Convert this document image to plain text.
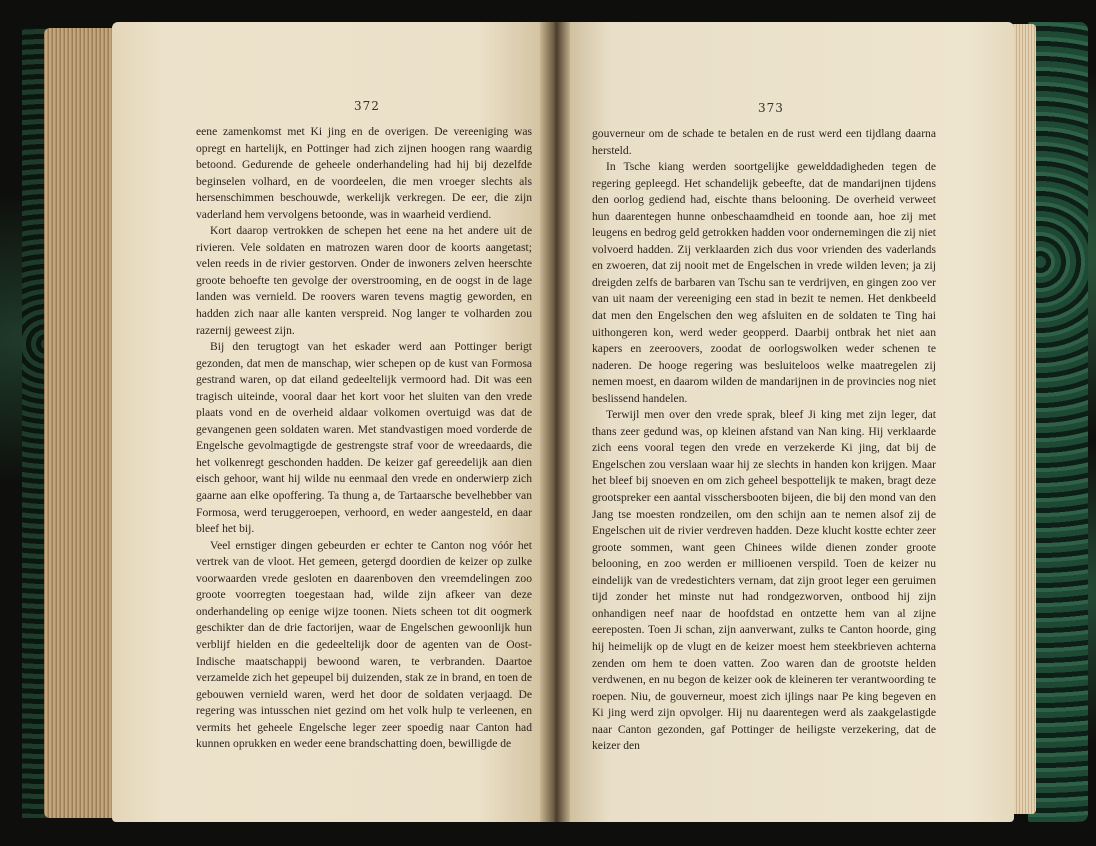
372	373

eene zamenkomst met Ki jing en de overigen. De vereeniging was opregt en hartelijk, en Pottinger had zich zijnen hoogen rang waardig betoond. Gedurende de geheele onderhandeling had hij bij dezelfde beginselen volhard, en de voordeelen, die men vroeger slechts als hersenschimmen beschouwde, werkelijk verkregen. De eer, die zijn vaderland hem vervolgens betoonde, was in waarheid verdiend.

Kort daarop vertrokken de schepen het eene na het andere uit de rivieren. Vele soldaten en matrozen waren door de koorts aangetast; velen reeds in de rivier gestorven. Onder de inwoners zelven heerschte groote behoefte ten gevolge der overstrooming, en de oogst in de lage landen was vernield. De roovers waren tevens magtig geworden, en hadden zich naar alle kanten verspreid. Nog langer te volharden zou razernij geweest zijn.

Bij den terugtogt van het eskader werd aan Pottinger berigt gezonden, dat men de manschap, wier schepen op de kust van Formosa gestrand waren, op dat eiland gedeeltelijk vermoord had. Dit was een tragisch uiteinde, vooral daar het kort voor het sluiten van den vrede plaats vond en de overheid aldaar volkomen overtuigd was dat de gevangenen geen soldaten waren. Met standvastigen moed vorderde de Engelsche gevolmagtigde de gestrengste straf voor de wreedaards, die het volkenregt geschonden hadden. De keizer gaf gereedelijk aan dien eisch gehoor, want hij wilde nu eenmaal den vrede en onderwierp zich gaarne aan elke opoffering. Ta thung a, de Tartaarsche bevelhebber van Formosa, werd teruggeroepen, verhoord, en weder aangesteld, en daar bleef het bij.

Veel ernstiger dingen gebeurden er echter te Canton nog vóór het vertrek van de vloot. Het gemeen, getergd doordien de keizer op zulke voorwaarden vrede gesloten en daarenboven den vreemdelingen zoo groote voorregten toegestaan had, wilde zijn afkeer van deze onderhandeling op eenige wijze toonen. Niets scheen tot dit oogmerk geschikter dan de drie factorijen, waar de Engelschen gewoonlijk hun verblijf hielden en die gedeeltelijk door de agenten van de Oost-Indische maatschappij bewoond waren, te verbranden. Daartoe verzamelde zich het gepeupel bij duizenden, stak ze in brand, en toen de gebouwen vernield waren, werd het door de soldaten verjaagd. De regering was intusschen niet gezind om het volk hulp te verleenen, en vermits het geheele Engelsche leger zeer spoedig naar Canton had kunnen oprukken en weder eene brandschatting doen, bewilligde de

gouverneur om de schade te betalen en de rust werd een tijdlang daarna hersteld.

In Tsche kiang werden soortgelijke gewelddadigheden tegen de regering gepleegd. Het schandelijk gebeefte, dat de mandarijnen tijdens den oorlog gediend had, eischte thans belooning. De overheid verweet hun daarentegen hunne onbeschaamdheid en toonde aan, hoe zij met leugens en bedrog geld getrokken hadden voor ondernemingen die zij niet volvoerd hadden. Zij verklaarden zich dus voor vrienden des vaderlands en zwoeren, dat zij nooit met de Engelschen in vrede wilden leven; ja zij dreigden zelfs de barbaren van Tschu san te verdrijven, en gingen zoo ver van uit naam der vereeniging een stad in bezit te nemen. Het denkbeeld dat men den Engelschen den weg afsluiten en de soldaten te Ting hai uithongeren kon, werd weder geopperd. Daarbij ontbrak het niet aan kapers en zeeroovers, zoodat de oorlogswolken weder schenen te naderen. De hooge regering was besluiteloos welke maatregelen zij nemen moest, en daarom wilden de mandarijnen in de provincies nog niet beslissend handelen.

Terwijl men over den vrede sprak, bleef Ji king met zijn leger, dat thans zeer gedund was, op kleinen afstand van Nan king. Hij verklaarde zich eens vooral tegen den vrede en verzekerde Ki jing, dat bij de Engelschen zou verslaan waar hij ze slechts in handen kon krijgen. Maar het bleef bij snoeven en om zich geheel bespottelijk te maken, bragt deze grootspreker een aantal visschersbooten bijeen, die bij den mond van den Jang tse moesten rondzeilen, om den schijn aan te nemen alsof zij de Engelschen uit de rivier verdreven hadden. Deze klucht kostte echter zeer groote sommen, want geen Chinees wilde dienen zonder groote belooning, en zoo werden er millioenen verspild. Toen de keizer nu eindelijk van de vredestichters vernam, dat zijn groot leger een geruimen tijd zonder het minste nut had rondgezworven, ontbood hij zijn onhandigen neef naar de hoofdstad en ontzette hem van al zijne eereposten. Toen Ji schan, zijn aanverwant, zulks te Canton hoorde, ging hij heimelijk op de vlugt en de keizer moest hem steekbrieven achterna zenden om hem te doen vatten. Zoo waren dan de grootste helden verdwenen, en nu begon de keizer ook de kleineren ter verantwoording te roepen. Niu, de gouverneur, moest zich ijlings naar Pe king begeven en Ki jing werd zijn opvolger. Hij nu daarentegen werd als zaakgelastigde naar Canton gezonden, gaf Pottinger de heiligste verzekering, dat de keizer den
